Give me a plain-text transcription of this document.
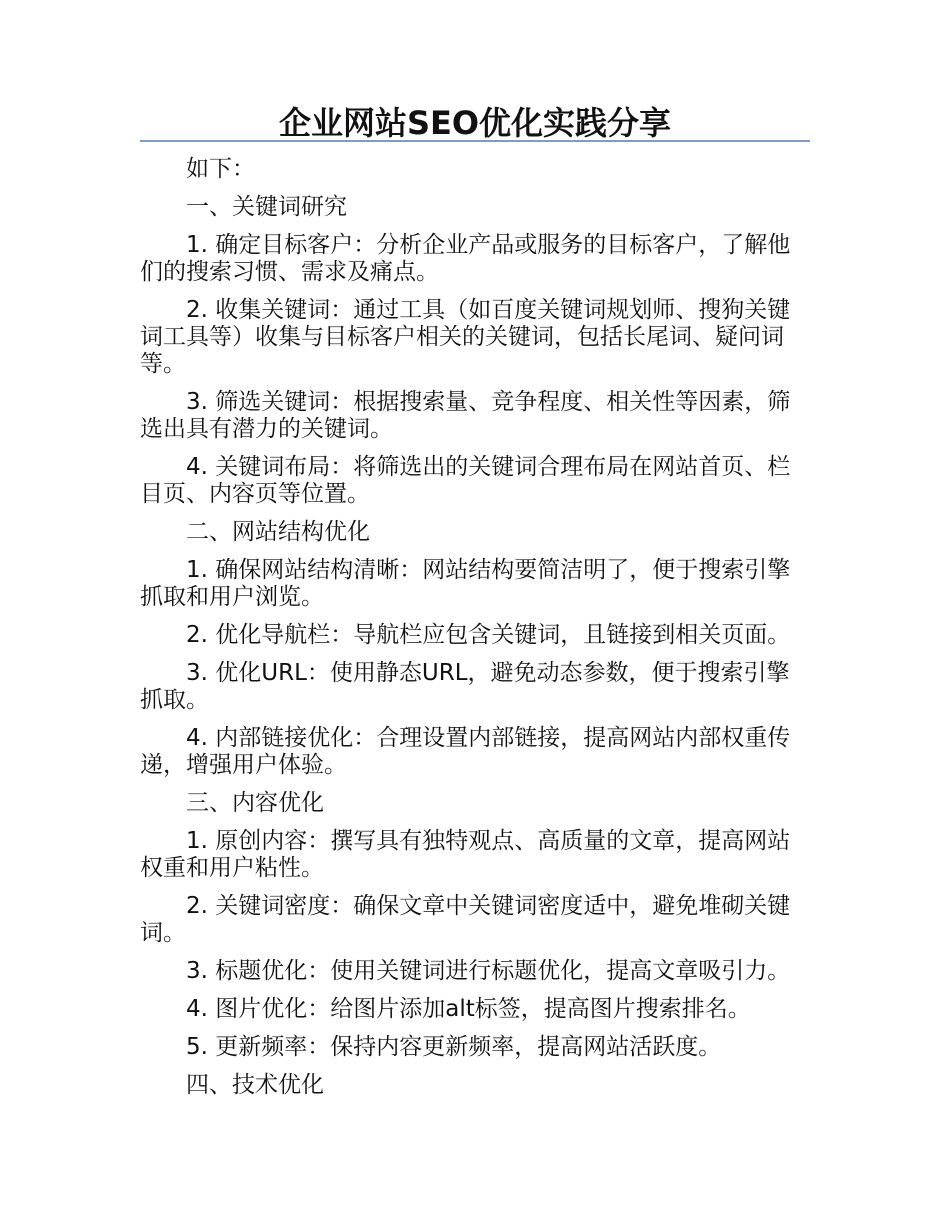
企业网站SEO优化实践分享

如下：

一、关键词研究

1. 确定目标客户：分析企业产品或服务的目标客户，了解他们的搜索习惯、需求及痛点。

2. 收集关键词：通过工具（如百度关键词规划师、搜狗关键词工具等）收集与目标客户相关的关键词，包括长尾词、疑问词等。

3. 筛选关键词：根据搜索量、竞争程度、相关性等因素，筛选出具有潜力的关键词。

4. 关键词布局：将筛选出的关键词合理布局在网站首页、栏目页、内容页等位置。

二、网站结构优化

1. 确保网站结构清晰：网站结构要简洁明了，便于搜索引擎抓取和用户浏览。

2. 优化导航栏：导航栏应包含关键词，且链接到相关页面。

3. 优化URL：使用静态URL，避免动态参数，便于搜索引擎抓取。

4. 内部链接优化：合理设置内部链接，提高网站内部权重传递，增强用户体验。

三、内容优化

1. 原创内容：撰写具有独特观点、高质量的文章，提高网站权重和用户粘性。

2. 关键词密度：确保文章中关键词密度适中，避免堆砌关键词。

3. 标题优化：使用关键词进行标题优化，提高文章吸引力。

4. 图片优化：给图片添加alt标签，提高图片搜索排名。

5. 更新频率：保持内容更新频率，提高网站活跃度。

四、技术优化
